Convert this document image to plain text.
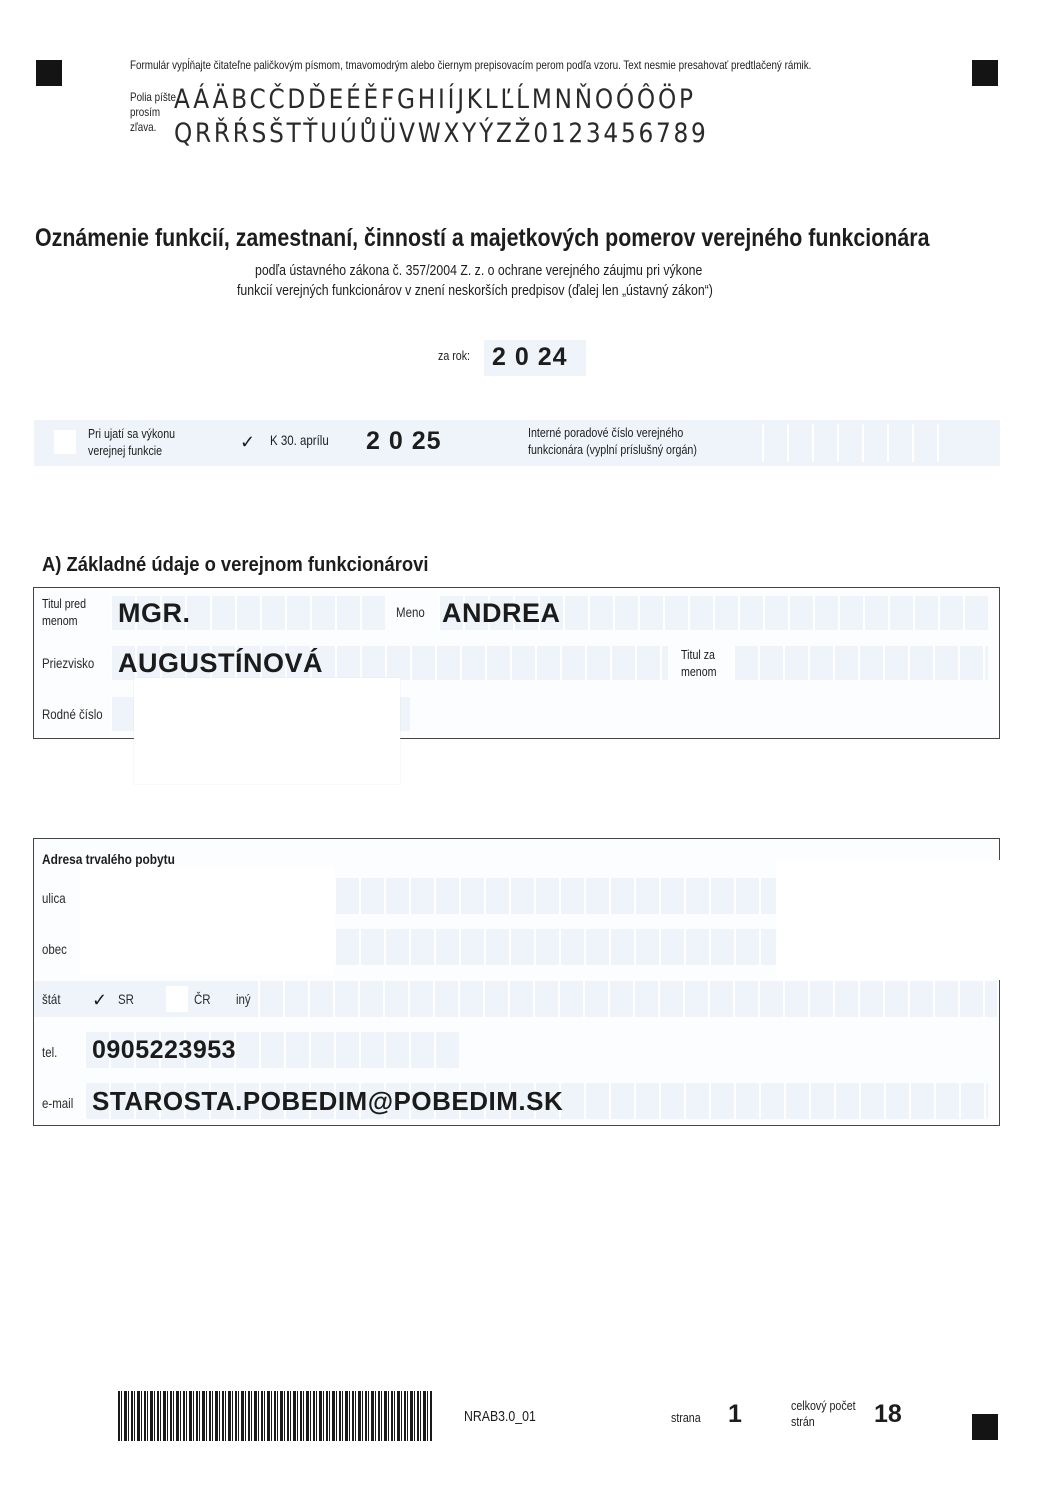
Formulár vypĺňajte čitateľne paličkovým písmom, tmavomodrým alebo čiernym prepisovacím perom podľa vzoru. Text nesmie presahovať predtlačený rámik.
Polia píšte prosím zľava.
AÁÄBCČDĎEÉĚFGHIÍJKLĽĹMNŇOÓÔÖP
QRŘŔSŠTŤUÚŮÜVWXYÝZŽ0123456789
Oznámenie funkcií, zamestnaní, činností a majetkových pomerov verejného funkcionára
podľa ústavného zákona č. 357/2004 Z. z. o ochrane verejného záujmu pri výkone
funkcií verejných funkcionárov v znení neskorších predpisov (ďalej len „ústavný zákon“)
za rok: 2 0 24
Pri ujatí sa výkonu verejnej funkcie	✓ K 30. aprílu 2 0 25	Interné poradové číslo verejného funkcionára (vyplní príslušný orgán)
A) Základné údaje o verejnom funkcionárovi
Titul pred menom	MGR.	Meno ANDREA
Priezvisko AUGUSTÍNOVÁ	Titul za menom
Rodné číslo
Adresa trvalého pobytu
ulica
obec
štát ✓ SR	ČR iný
tel. 0905223953
e-mail STAROSTA.POBEDIM@POBEDIM.SK
NRAB3.0_01	strana 1	celkový počet strán	18
